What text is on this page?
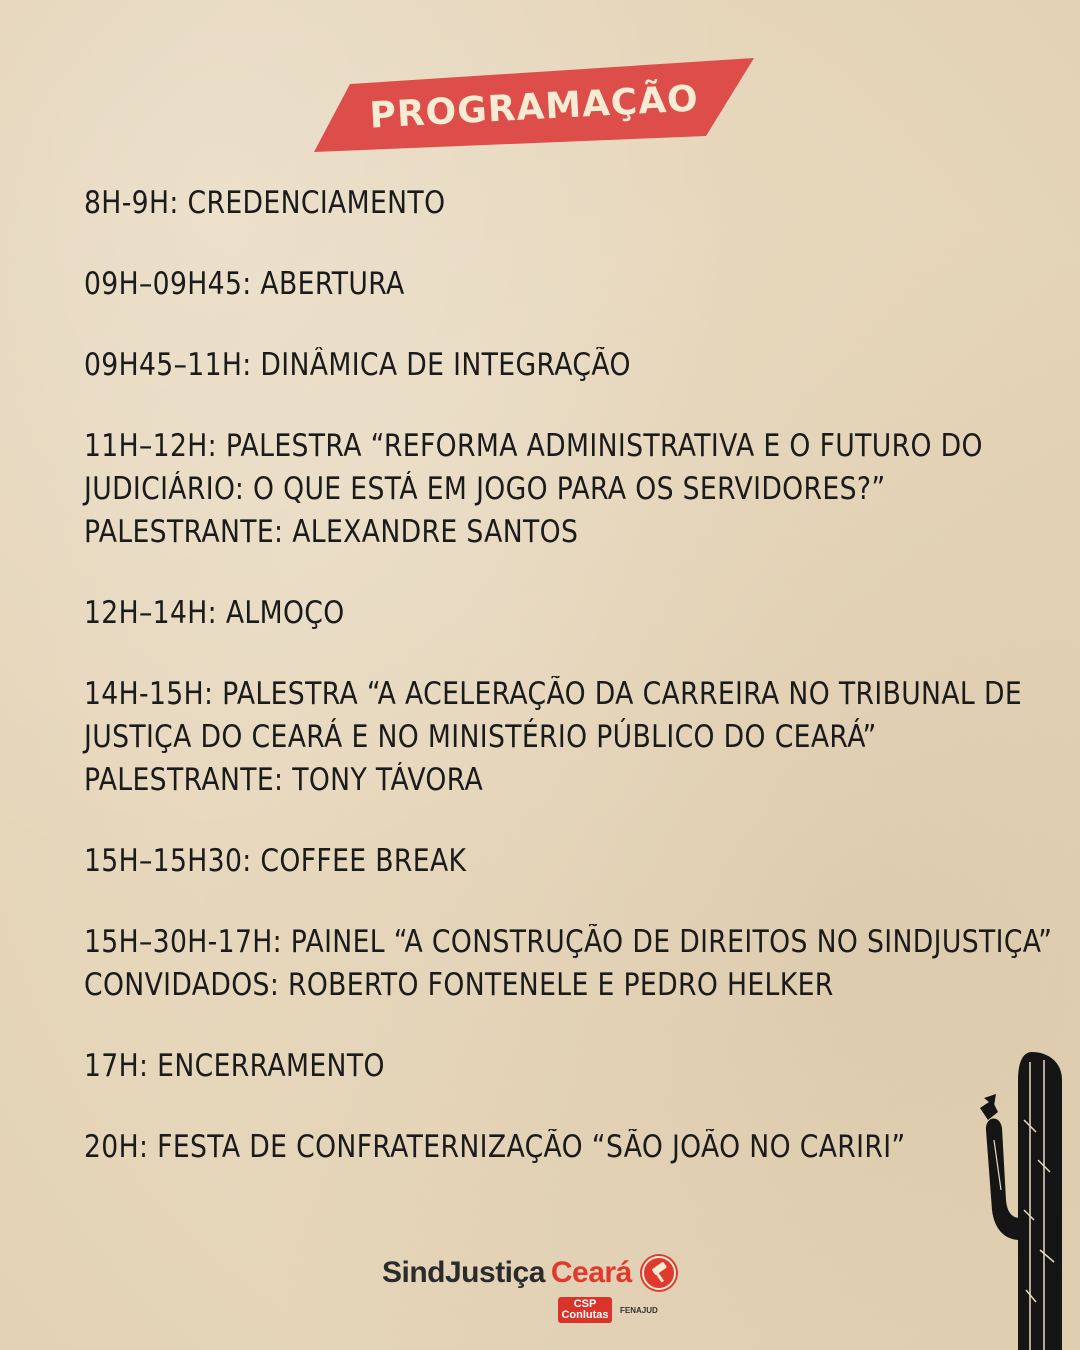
PROGRAMAÇÃO
8H-9H: CREDENCIAMENTO
09H–09H45: ABERTURA
09H45–11H: DINÂMICA DE INTEGRAÇÃO
11H–12H: PALESTRA “REFORMA ADMINISTRATIVA E O FUTURO DO
JUDICIÁRIO: O QUE ESTÁ EM JOGO PARA OS SERVIDORES?”
PALESTRANTE: ALEXANDRE SANTOS
12H–14H: ALMOÇO
14H-15H: PALESTRA “A ACELERAÇÃO DA CARREIRA NO TRIBUNAL DE
JUSTIÇA DO CEARÁ E NO MINISTÉRIO PÚBLICO DO CEARÁ”
PALESTRANTE: TONY TÁVORA
15H–15H30: COFFEE BREAK
15H–30H-17H: PAINEL “A CONSTRUÇÃO DE DIREITOS NO SINDJUSTIÇA”
CONVIDADOS: ROBERTO FONTENELE E PEDRO HELKER
17H: ENCERRAMENTO
20H: FESTA DE CONFRATERNIZAÇÃO “SÃO JOÃO NO CARIRI”
SindJustiça Ceará
CSP Conlutas	FENAJUD
